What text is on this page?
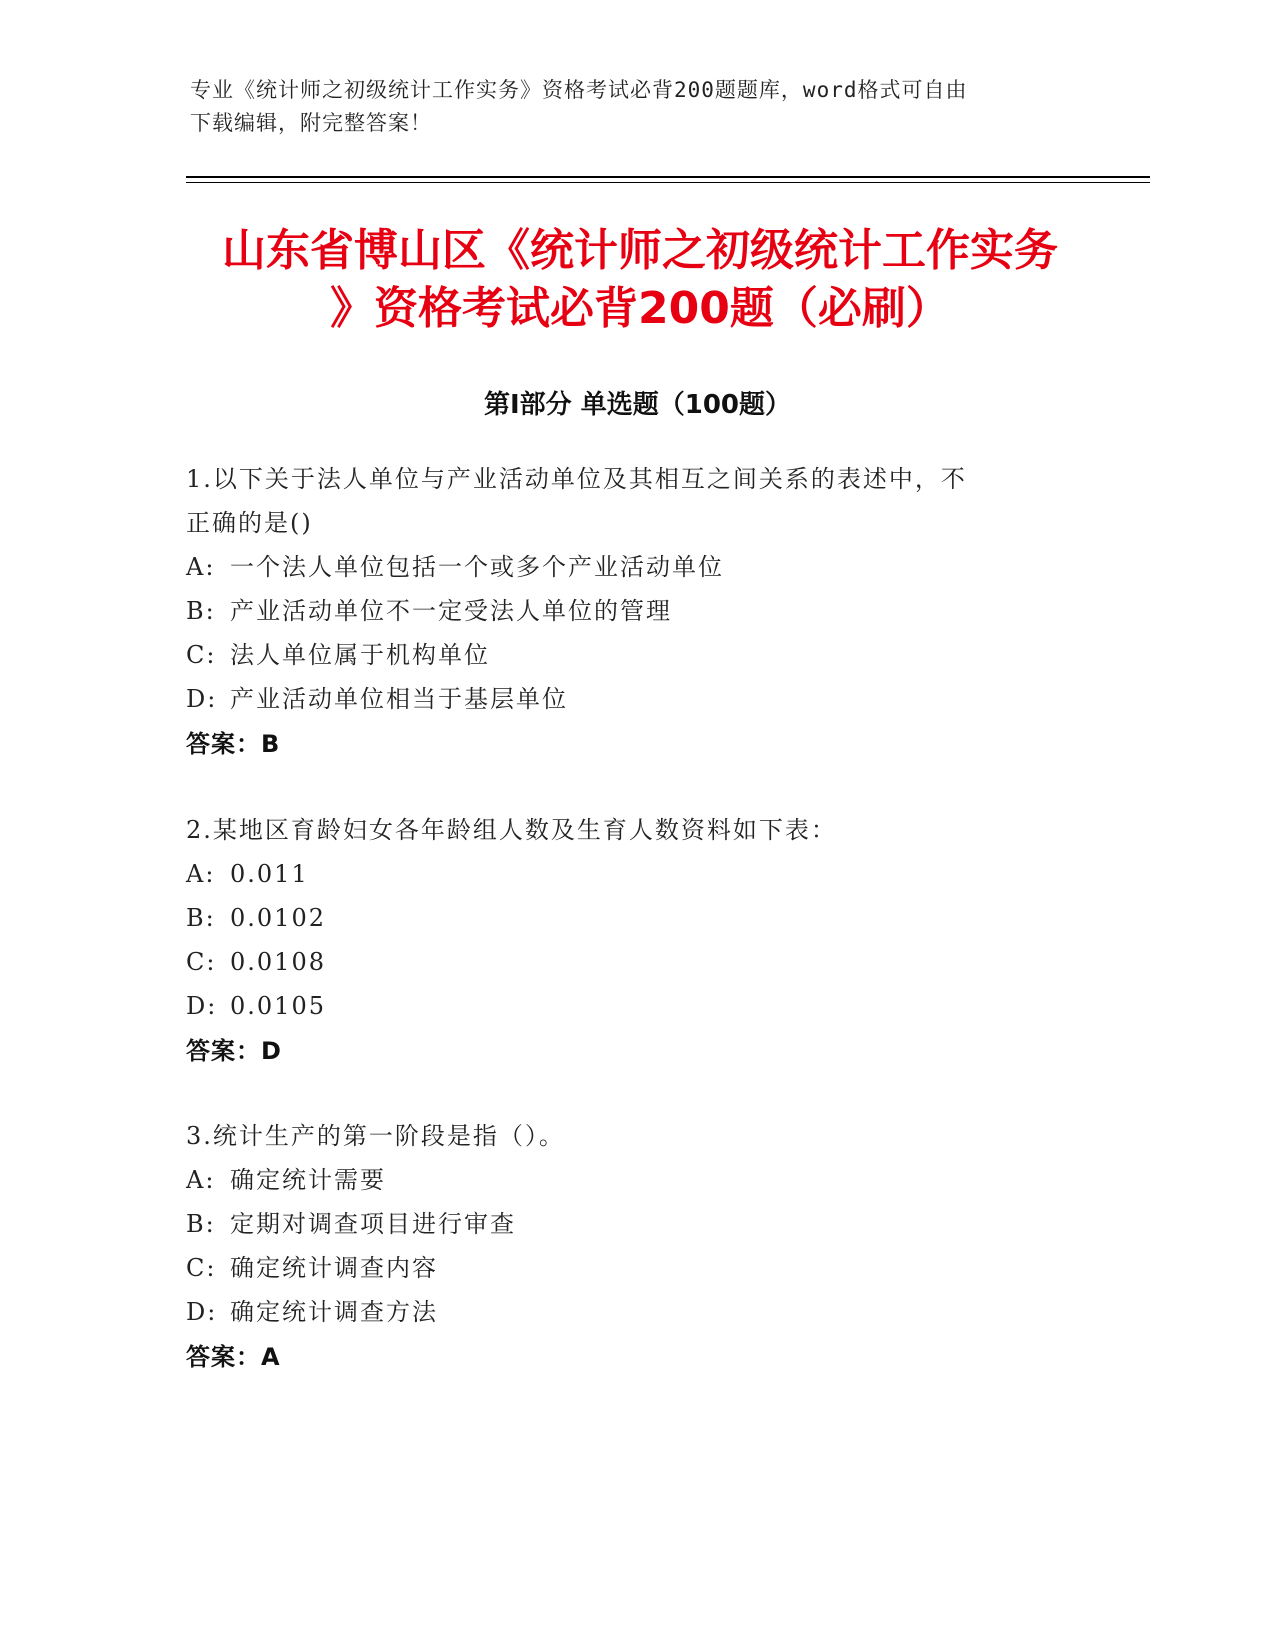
专业《统计师之初级统计工作实务》资格考试必背200题题库，word格式可自由
下载编辑，附完整答案！
山东省博山区《统计师之初级统计工作实务
》资格考试必背200题（必刷）
第I部分 单选题（100题）

1.以下关于法人单位与产业活动单位及其相互之间关系的表述中，不

正确的是()

A: 一个法人单位包括一个或多个产业活动单位

B: 产业活动单位不一定受法人单位的管理

C: 法人单位属于机构单位

D: 产业活动单位相当于基层单位

答案：B

2.某地区育龄妇女各年龄组人数及生育人数资料如下表：

A: 0.011

B: 0.0102

C: 0.0108

D: 0.0105

答案：D

3.统计生产的第一阶段是指（）。

A: 确定统计需要

B: 定期对调查项目进行审查

C: 确定统计调查内容

D: 确定统计调查方法

答案：A
